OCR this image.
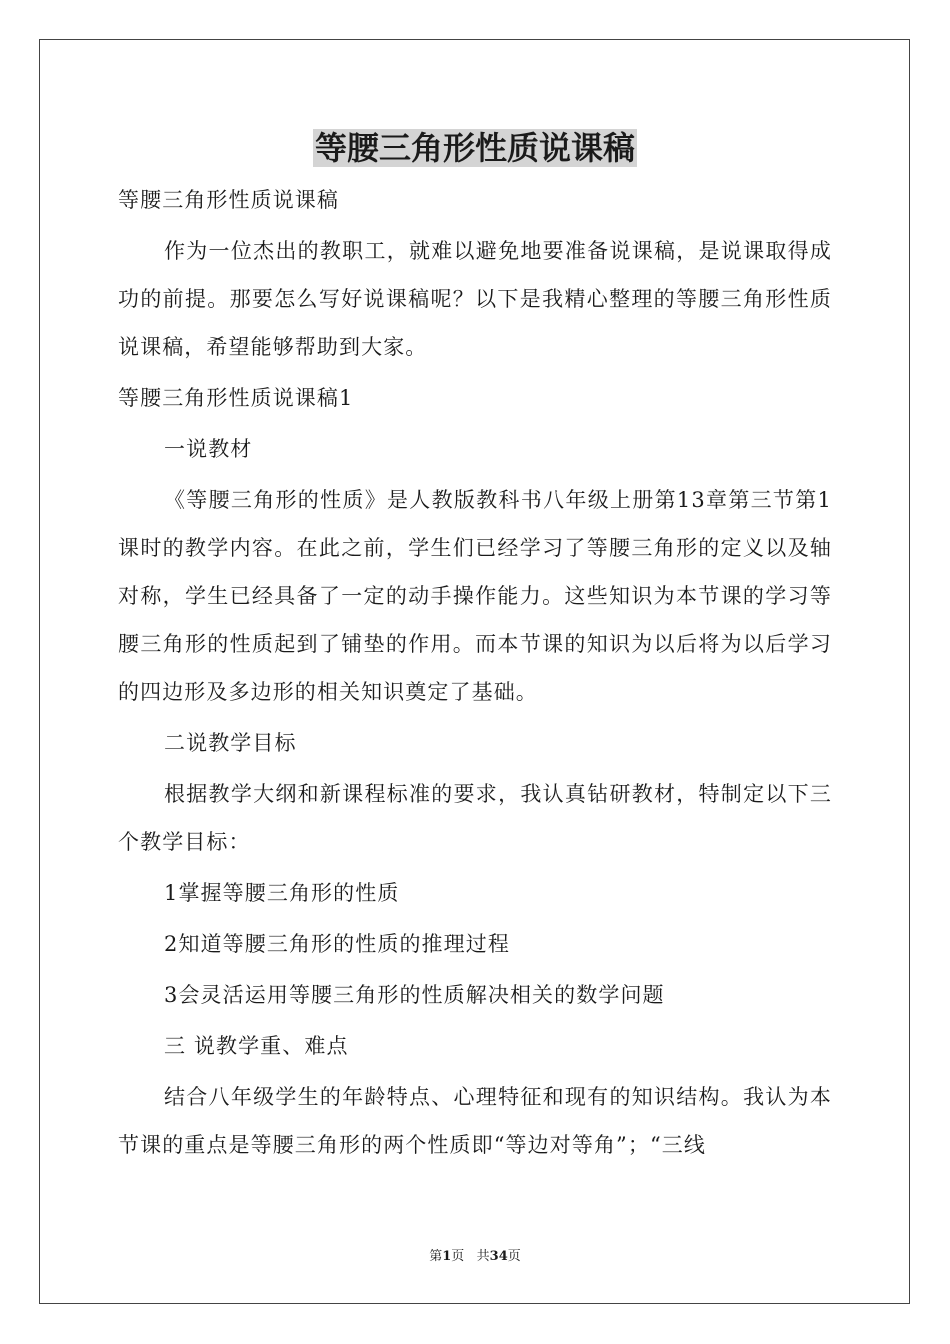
等腰三角形性质说课稿

等腰三角形性质说课稿

作为一位杰出的教职工，就难以避免地要准备说课稿，是说课取得成功的前提。那要怎么写好说课稿呢？以下是我精心整理的等腰三角形性质说课稿，希望能够帮助到大家。

等腰三角形性质说课稿1

一说教材

《等腰三角形的性质》是人教版教科书八年级上册第13章第三节第1课时的教学内容。在此之前，学生们已经学习了等腰三角形的定义以及轴对称，学生已经具备了一定的动手操作能力。这些知识为本节课的学习等腰三角形的性质起到了铺垫的作用。而本节课的知识为以后将为以后学习的四边形及多边形的相关知识奠定了基础。

二说教学目标

根据教学大纲和新课程标准的要求，我认真钻研教材，特制定以下三个教学目标：

1掌握等腰三角形的性质

2知道等腰三角形的性质的推理过程

3会灵活运用等腰三角形的性质解决相关的数学问题

三 说教学重、难点

结合八年级学生的年龄特点、心理特征和现有的知识结构。我认为本节课的重点是等腰三角形的两个性质即“等边对等角”；“三线

第1页   共34页
